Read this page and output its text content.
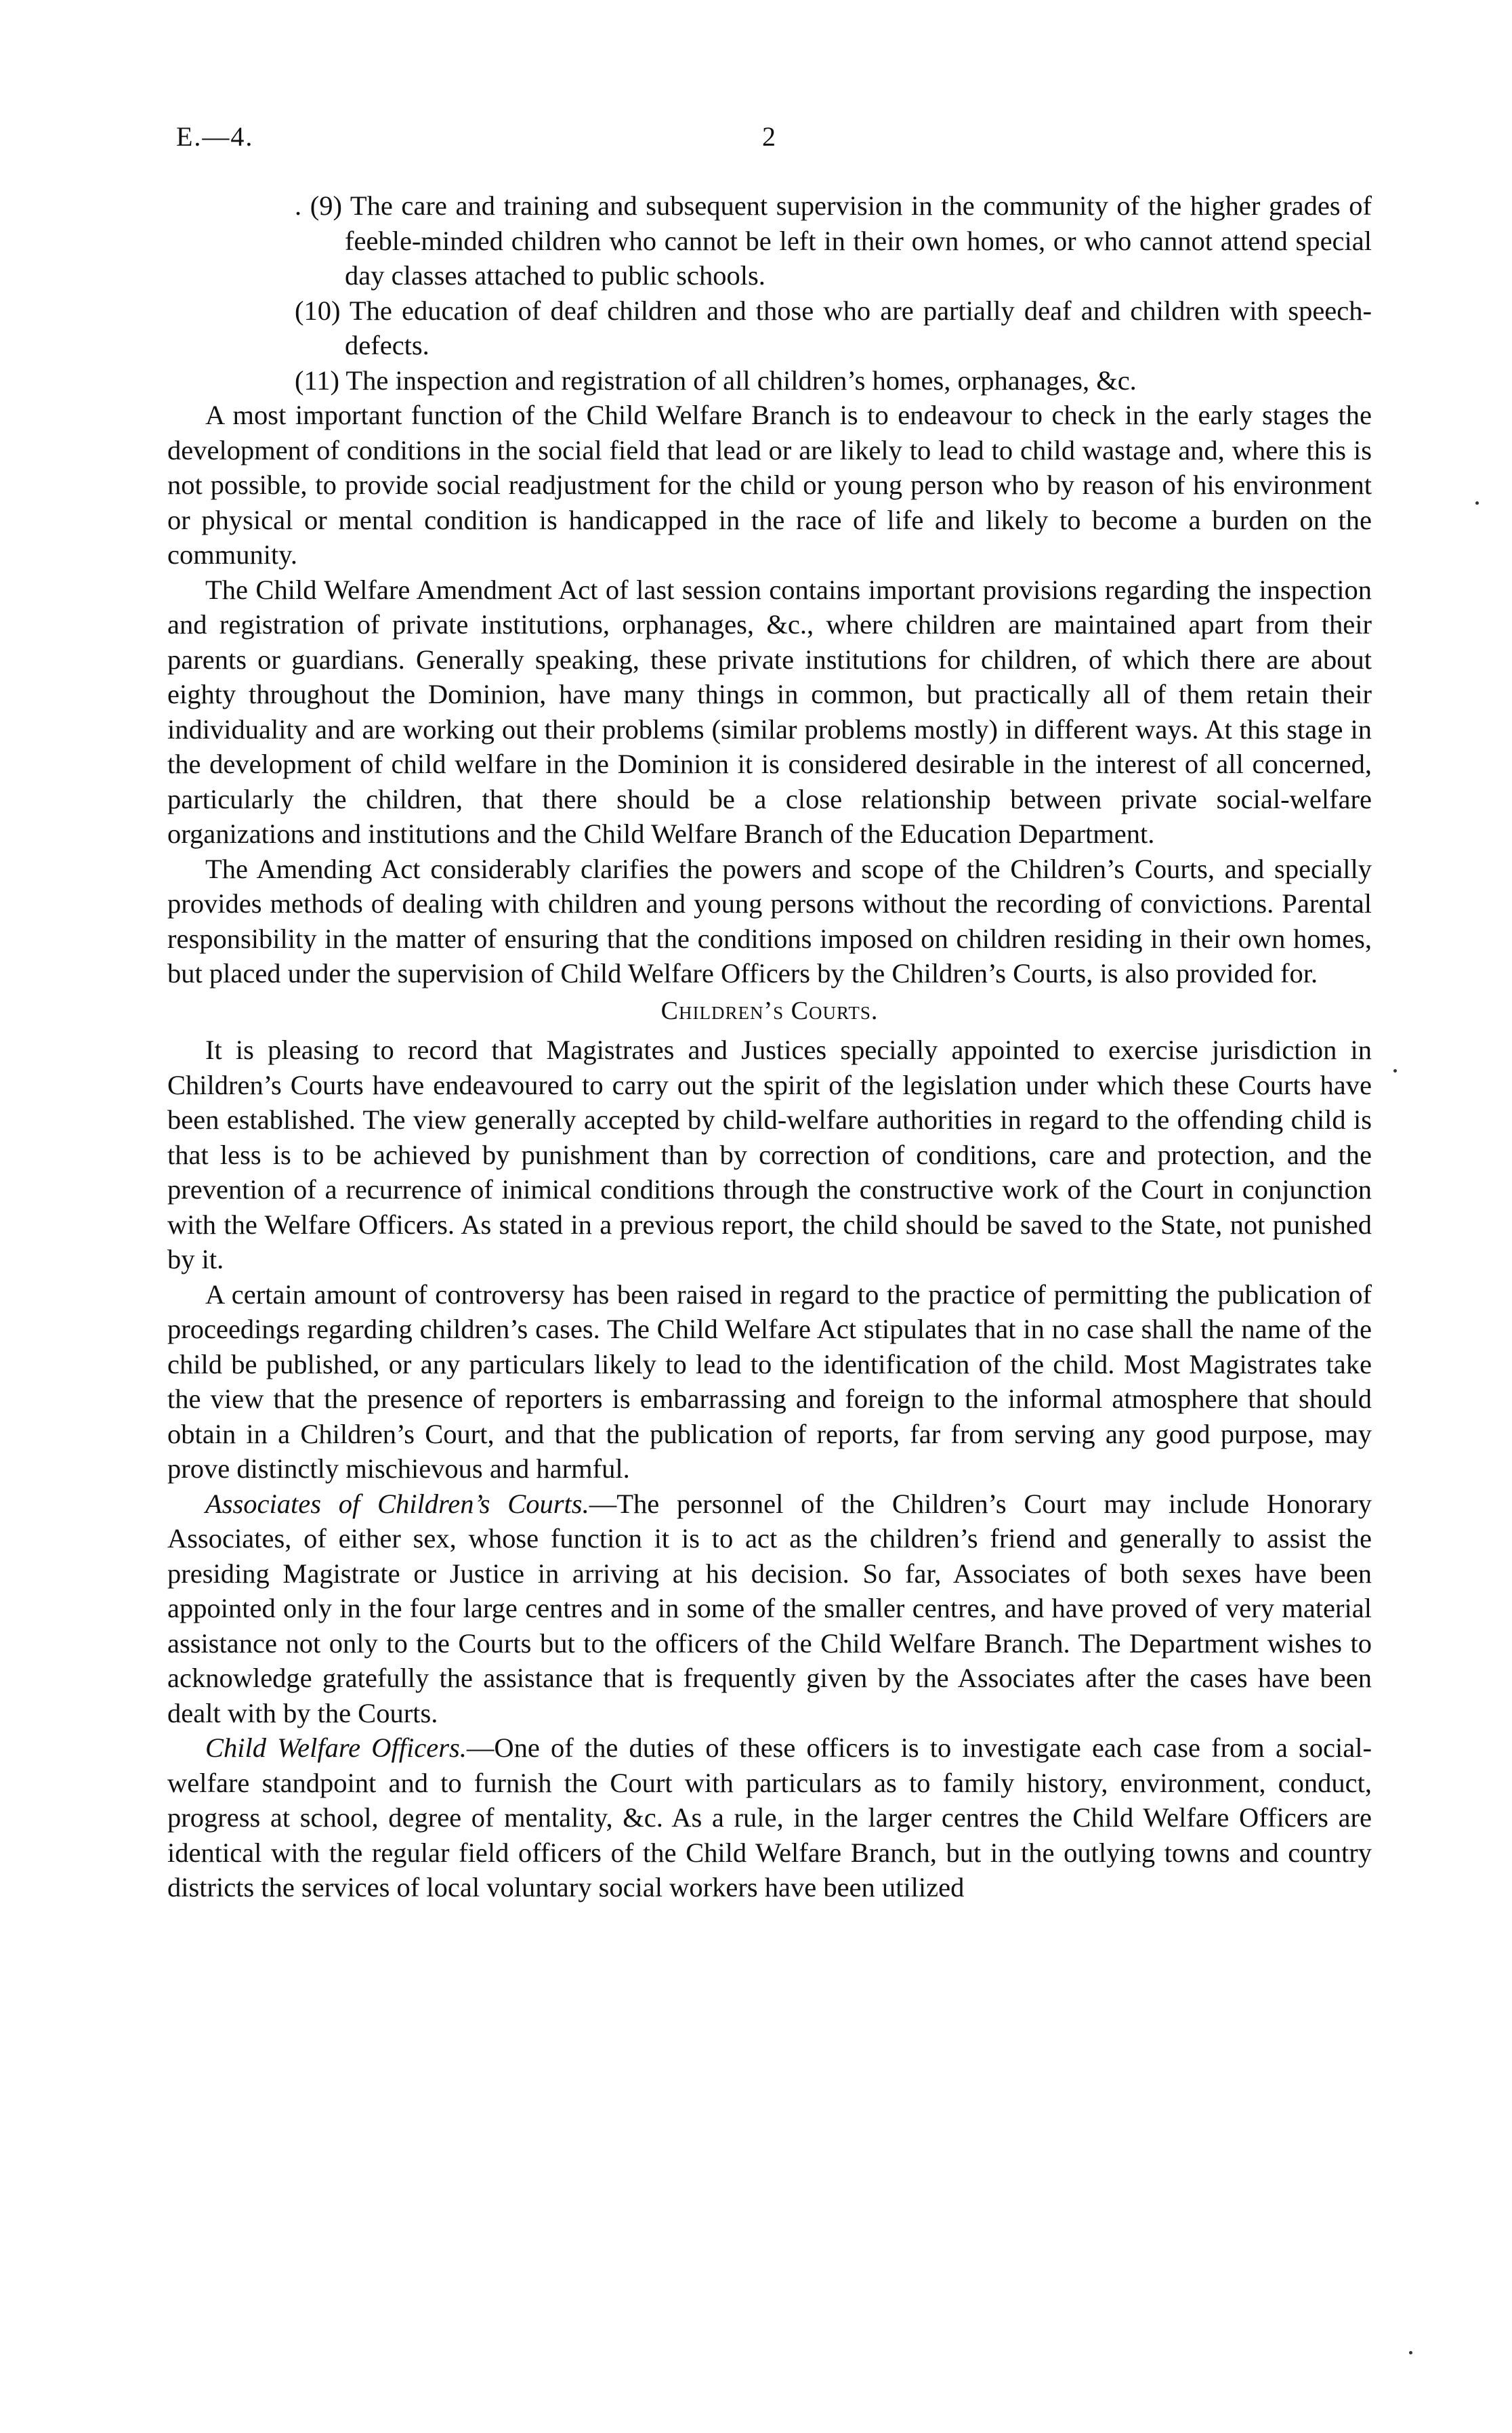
E.—4.	2

. (9) The care and training and subsequent supervision in the community of the higher grades of feeble-minded children who cannot be left in their own homes, or who cannot attend special day classes attached to public schools.

(10) The education of deaf children and those who are partially deaf and children with speech-defects.

(11) The inspection and registration of all children’s homes, orphanages, &c.

A most important function of the Child Welfare Branch is to endeavour to check in the early stages the development of conditions in the social field that lead or are likely to lead to child wastage and, where this is not possible, to provide social readjustment for the child or young person who by reason of his environment or physical or mental condition is handicapped in the race of life and likely to become a burden on the community.

The Child Welfare Amendment Act of last session contains important provisions regarding the inspection and registration of private institutions, orphanages, &c., where children are maintained apart from their parents or guardians. Generally speaking, these private institutions for children, of which there are about eighty throughout the Dominion, have many things in common, but practically all of them retain their individuality and are working out their problems (similar problems mostly) in different ways. At this stage in the development of child welfare in the Dominion it is considered desirable in the interest of all concerned, particularly the children, that there should be a close relationship between private social-welfare organizations and institutions and the Child Welfare Branch of the Education Department.

The Amending Act considerably clarifies the powers and scope of the Children’s Courts, and specially provides methods of dealing with children and young persons without the recording of convictions. Parental responsibility in the matter of ensuring that the conditions imposed on children residing in their own homes, but placed under the supervision of Child Welfare Officers by the Children’s Courts, is also provided for.

Children’s Courts.

It is pleasing to record that Magistrates and Justices specially appointed to exercise jurisdiction in Children’s Courts have endeavoured to carry out the spirit of the legislation under which these Courts have been established. The view generally accepted by child-welfare authorities in regard to the offending child is that less is to be achieved by punishment than by correction of conditions, care and protection, and the prevention of a recurrence of inimical conditions through the constructive work of the Court in conjunction with the Welfare Officers. As stated in a previous report, the child should be saved to the State, not punished by it.

A certain amount of controversy has been raised in regard to the practice of permitting the publication of proceedings regarding children’s cases. The Child Welfare Act stipulates that in no case shall the name of the child be published, or any particulars likely to lead to the identification of the child. Most Magistrates take the view that the presence of reporters is embarrassing and foreign to the informal atmosphere that should obtain in a Children’s Court, and that the publication of reports, far from serving any good purpose, may prove distinctly mischievous and harmful.

Associates of Children’s Courts.—The personnel of the Children’s Court may include Honorary Associates, of either sex, whose function it is to act as the children’s friend and generally to assist the presiding Magistrate or Justice in arriving at his decision. So far, Associates of both sexes have been appointed only in the four large centres and in some of the smaller centres, and have proved of very material assistance not only to the Courts but to the officers of the Child Welfare Branch. The Department wishes to acknowledge gratefully the assistance that is frequently given by the Associates after the cases have been dealt with by the Courts.

Child Welfare Officers.—One of the duties of these officers is to investigate each case from a social-welfare standpoint and to furnish the Court with particulars as to family history, environment, conduct, progress at school, degree of mentality, &c. As a rule, in the larger centres the Child Welfare Officers are identical with the regular field officers of the Child Welfare Branch, but in the outlying towns and country districts the services of local voluntary social workers have been utilized
